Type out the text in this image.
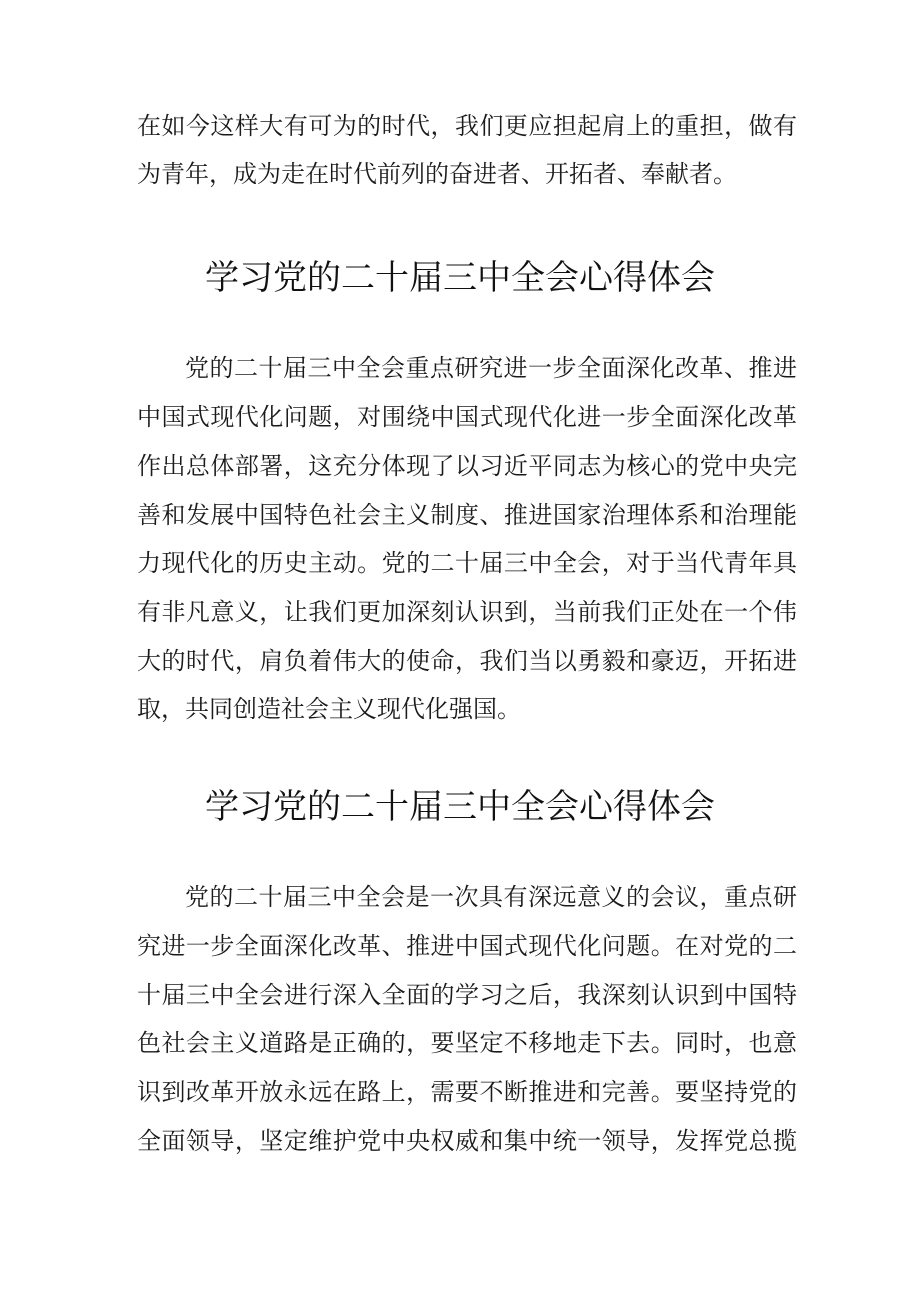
在如今这样大有可为的时代，我们更应担起肩上的重担，做有
为青年，成为走在时代前列的奋进者、开拓者、奉献者。
学习党的二十届三中全会心得体会
党的二十届三中全会重点研究进一步全面深化改革、推进
中国式现代化问题，对围绕中国式现代化进一步全面深化改革
作出总体部署，这充分体现了以习近平同志为核心的党中央完
善和发展中国特色社会主义制度、推进国家治理体系和治理能
力现代化的历史主动。党的二十届三中全会，对于当代青年具
有非凡意义，让我们更加深刻认识到，当前我们正处在一个伟
大的时代，肩负着伟大的使命，我们当以勇毅和豪迈，开拓进
取，共同创造社会主义现代化强国。
学习党的二十届三中全会心得体会
党的二十届三中全会是一次具有深远意义的会议，重点研
究进一步全面深化改革、推进中国式现代化问题。在对党的二
十届三中全会进行深入全面的学习之后，我深刻认识到中国特
色社会主义道路是正确的，要坚定不移地走下去。同时，也意
识到改革开放永远在路上，需要不断推进和完善。要坚持党的
全面领导，坚定维护党中央权威和集中统一领导，发挥党总揽
